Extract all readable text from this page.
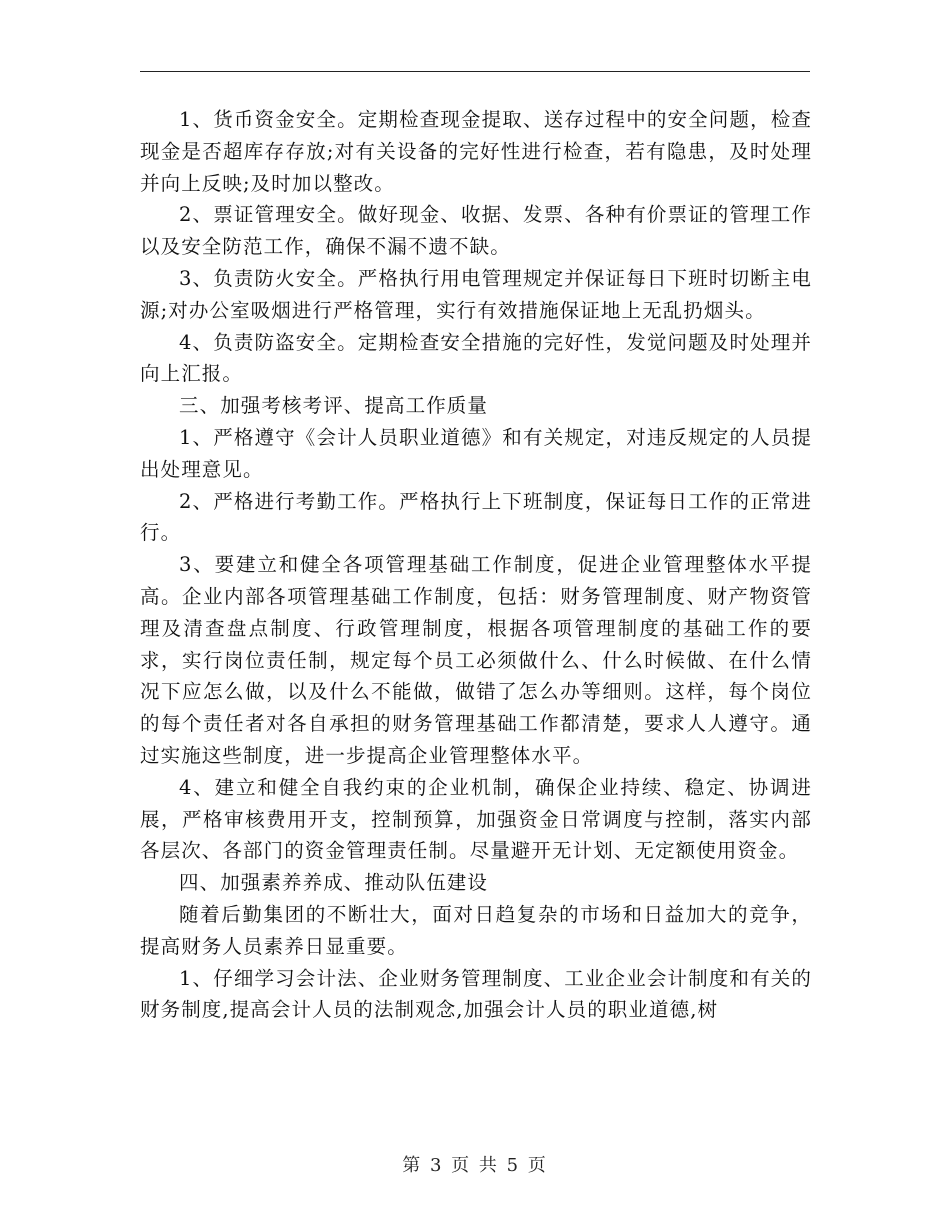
1、货币资金安全。定期检查现金提取、送存过程中的安全问题，检查现金是否超库存存放;对有关设备的完好性进行检查，若有隐患，及时处理并向上反映;及时加以整改。

2、票证管理安全。做好现金、收据、发票、各种有价票证的管理工作以及安全防范工作，确保不漏不遗不缺。

3、负责防火安全。严格执行用电管理规定并保证每日下班时切断主电源;对办公室吸烟进行严格管理，实行有效措施保证地上无乱扔烟头。

4、负责防盗安全。定期检查安全措施的完好性，发觉问题及时处理并向上汇报。

三、加强考核考评、提高工作质量

1、严格遵守《会计人员职业道德》和有关规定，对违反规定的人员提出处理意见。

2、严格进行考勤工作。严格执行上下班制度，保证每日工作的正常进行。

3、要建立和健全各项管理基础工作制度，促进企业管理整体水平提高。企业内部各项管理基础工作制度，包括：财务管理制度、财产物资管理及清查盘点制度、行政管理制度，根据各项管理制度的基础工作的要求，实行岗位责任制，规定每个员工必须做什么、什么时候做、在什么情况下应怎么做，以及什么不能做，做错了怎么办等细则。这样，每个岗位的每个责任者对各自承担的财务管理基础工作都清楚，要求人人遵守。通过实施这些制度，进一步提高企业管理整体水平。

4、建立和健全自我约束的企业机制，确保企业持续、稳定、协调进展，严格审核费用开支，控制预算，加强资金日常调度与控制，落实内部各层次、各部门的资金管理责任制。尽量避开无计划、无定额使用资金。

四、加强素养养成、推动队伍建设

随着后勤集团的不断壮大，面对日趋复杂的市场和日益加大的竞争，提高财务人员素养日显重要。

1、仔细学习会计法、企业财务管理制度、工业企业会计制度和有关的财务制度,提高会计人员的法制观念,加强会计人员的职业道德,树

第 3 页 共 5 页
